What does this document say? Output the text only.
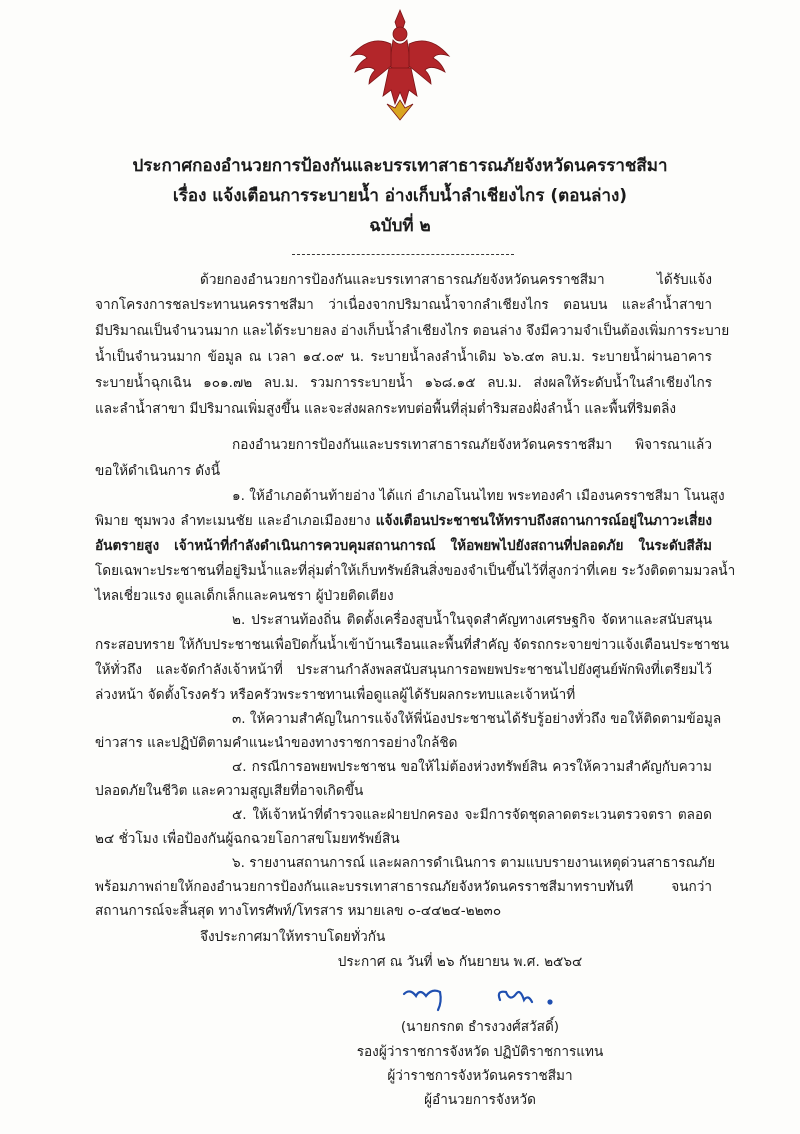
ประกาศกองอำนวยการป้องกันและบรรเทาสาธารณภัยจังหวัดนครราชสีมา
เรื่อง แจ้งเตือนการระบายน้ำ อ่างเก็บน้ำลำเชียงไกร (ตอนล่าง)
ฉบับที่ ๒
ด้วยกองอำนวยการป้องกันและบรรเทาสาธารณภัยจังหวัดนครราชสีมา ได้รับแจ้ง
จากโครงการชลประทานนครราชสีมา ว่าเนื่องจากปริมาณน้ำจากลำเชียงไกร ตอนบน และลำน้ำสาขา
มีปริมาณเป็นจำนวนมาก และได้ระบายลง อ่างเก็บน้ำลำเชียงไกร ตอนล่าง จึงมีความจำเป็นต้องเพิ่มการระบาย
น้ำเป็นจำนวนมาก ข้อมูล ณ เวลา ๑๔.๐๙ น. ระบายน้ำลงลำน้ำเดิม ๖๖.๔๓ ลบ.ม. ระบายน้ำผ่านอาคาร
ระบายน้ำฉุกเฉิน ๑๐๑.๗๒ ลบ.ม. รวมการระบายน้ำ ๑๖๘.๑๕ ลบ.ม. ส่งผลให้ระดับน้ำในลำเชียงไกร
และลำน้ำสาขา มีปริมาณเพิ่มสูงขึ้น และจะส่งผลกระทบต่อพื้นที่ลุ่มต่ำริมสองฝั่งลำน้ำ และพื้นที่ริมตลิ่ง
กองอำนวยการป้องกันและบรรเทาสาธารณภัยจังหวัดนครราชสีมา พิจารณาแล้ว
ขอให้ดำเนินการ ดังนี้
๑. ให้อำเภอด้านท้ายอ่าง ได้แก่ อำเภอโนนไทย พระทองคำ เมืองนครราชสีมา โนนสูง
พิมาย ชุมพวง ลำทะเมนชัย และอำเภอเมืองยาง แจ้งเตือนประชาชนให้ทราบถึงสถานการณ์อยู่ในภาวะเสี่ยง
อันตรายสูง เจ้าหน้าที่กำลังดำเนินการควบคุมสถานการณ์ ให้อพยพไปยังสถานที่ปลอดภัย ในระดับสีส้ม
โดยเฉพาะประชาชนที่อยู่ริมน้ำและที่ลุ่มต่ำให้เก็บทรัพย์สินสิ่งของจำเป็นขึ้นไว้ที่สูงกว่าที่เคย ระวังติดตามมวลน้ำ
ไหลเชี่ยวแรง ดูแลเด็กเล็กและคนชรา ผู้ป่วยติดเตียง
๒. ประสานท้องถิ่น ติดตั้งเครื่องสูบน้ำในจุดสำคัญทางเศรษฐกิจ จัดหาและสนับสนุน
กระสอบทราย ให้กับประชาชนเพื่อปิดกั้นน้ำเข้าบ้านเรือนและพื้นที่สำคัญ จัดรถกระจายข่าวแจ้งเตือนประชาชน
ให้ทั่วถึง และจัดกำลังเจ้าหน้าที่ ประสานกำลังพลสนับสนุนการอพยพประชาชนไปยังศูนย์พักพิงที่เตรียมไว้
ล่วงหน้า จัดตั้งโรงครัว หรือครัวพระราชทานเพื่อดูแลผู้ได้รับผลกระทบและเจ้าหน้าที่
๓. ให้ความสำคัญในการแจ้งให้พี่น้องประชาชนได้รับรู้อย่างทั่วถึง ขอให้ติดตามข้อมูล
ข่าวสาร และปฏิบัติตามคำแนะนำของทางราชการอย่างใกล้ชิด
๔. กรณีการอพยพประชาชน ขอให้ไม่ต้องห่วงทรัพย์สิน ควรให้ความสำคัญกับความ
ปลอดภัยในชีวิต และความสูญเสียที่อาจเกิดขึ้น
๕. ให้เจ้าหน้าที่ตำรวจและฝ่ายปกครอง จะมีการจัดชุดลาดตระเวนตรวจตรา ตลอด
๒๔ ชั่วโมง เพื่อป้องกันผู้ฉกฉวยโอกาสขโมยทรัพย์สิน
๖. รายงานสถานการณ์ และผลการดำเนินการ ตามแบบรายงานเหตุด่วนสาธารณภัย
พร้อมภาพถ่ายให้กองอำนวยการป้องกันและบรรเทาสาธารณภัยจังหวัดนครราชสีมาทราบทันที จนกว่า
สถานการณ์จะสิ้นสุด ทางโทรศัพท์/โทรสาร หมายเลข ๐-๔๔๒๔-๒๒๓๐
จึงประกาศมาให้ทราบโดยทั่วกัน
ประกาศ ณ วันที่ ๒๖ กันยายน พ.ศ. ๒๕๖๔
(นายกรกต ธำรงวงศ์สวัสดิ์)
รองผู้ว่าราชการจังหวัด ปฏิบัติราชการแทน
ผู้ว่าราชการจังหวัดนครราชสีมา
ผู้อำนวยการจังหวัด
